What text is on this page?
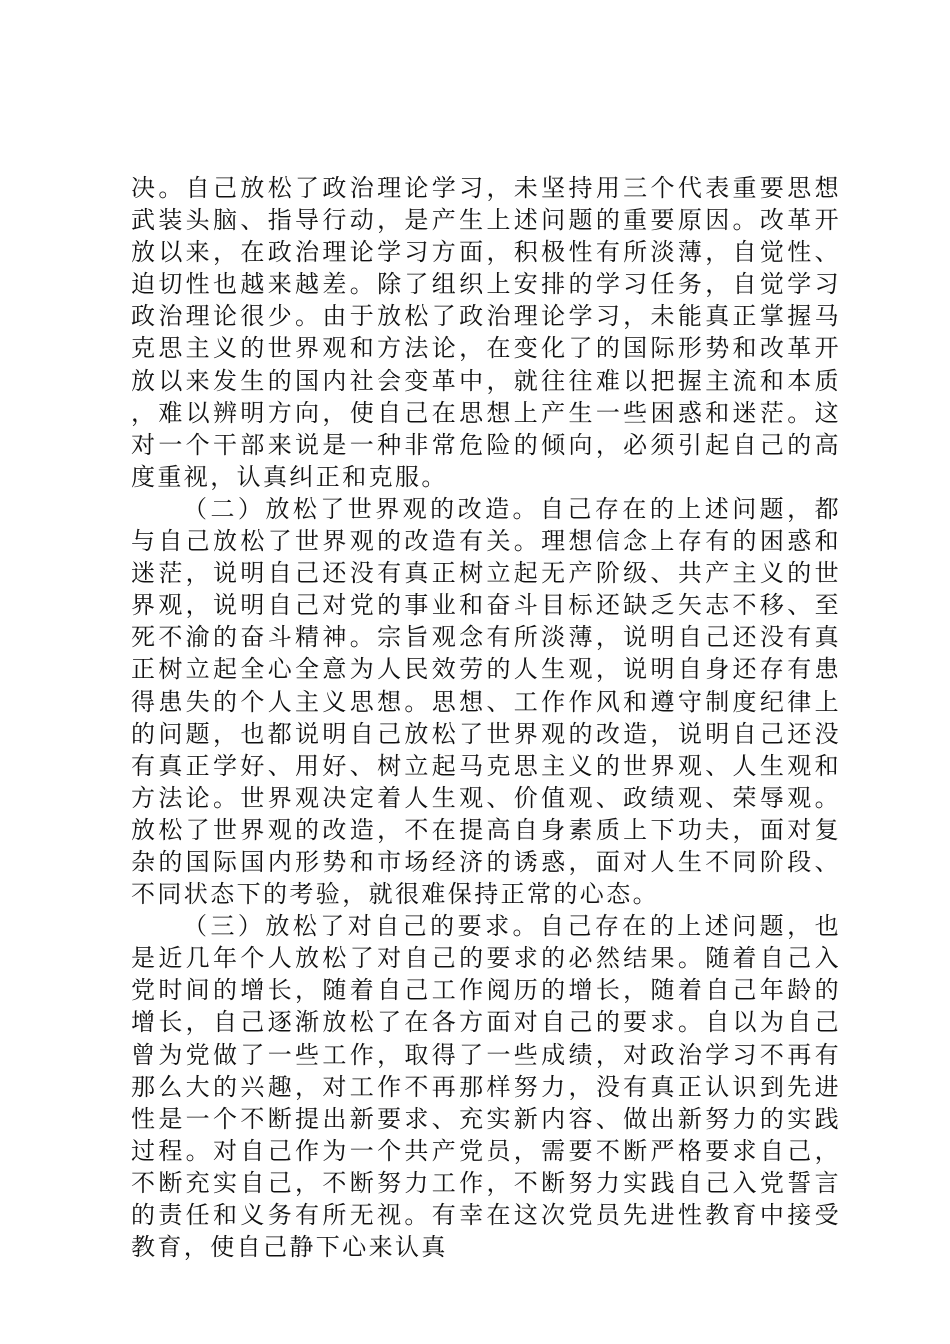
决。自己放松了政治理论学习，未坚持用三个代表重要思想武装头脑、指导行动，是产生上述问题的重要原因。改革开放以来，在政治理论学习方面，积极性有所淡薄，自觉性、迫切性也越来越差。除了组织上安排的学习任务，自觉学习政治理论很少。由于放松了政治理论学习，未能真正掌握马克思主义的世界观和方法论，在变化了的国际形势和改革开放以来发生的国内社会变革中，就往往难以把握主流和本质，难以辨明方向，使自己在思想上产生一些困惑和迷茫。这对一个干部来说是一种非常危险的倾向，必须引起自己的高度重视，认真纠正和克服。

（二）放松了世界观的改造。自己存在的上述问题，都与自己放松了世界观的改造有关。理想信念上存有的困惑和迷茫，说明自己还没有真正树立起无产阶级、共产主义的世界观，说明自己对党的事业和奋斗目标还缺乏矢志不移、至死不渝的奋斗精神。宗旨观念有所淡薄，说明自己还没有真正树立起全心全意为人民效劳的人生观，说明自身还存有患得患失的个人主义思想。思想、工作作风和遵守制度纪律上的问题，也都说明自己放松了世界观的改造，说明自己还没有真正学好、用好、树立起马克思主义的世界观、人生观和方法论。世界观决定着人生观、价值观、政绩观、荣辱观。放松了世界观的改造，不在提高自身素质上下功夫，面对复杂的国际国内形势和市场经济的诱惑，面对人生不同阶段、不同状态下的考验，就很难保持正常的心态。

（三）放松了对自己的要求。自己存在的上述问题，也是近几年个人放松了对自己的要求的必然结果。随着自己入党时间的增长，随着自己工作阅历的增长，随着自己年龄的增长，自己逐渐放松了在各方面对自己的要求。自以为自己曾为党做了一些工作，取得了一些成绩，对政治学习不再有那么大的兴趣，对工作不再那样努力，没有真正认识到先进性是一个不断提出新要求、充实新内容、做出新努力的实践过程。对自己作为一个共产党员，需要不断严格要求自己，不断充实自己，不断努力工作，不断努力实践自己入党誓言的责任和义务有所无视。有幸在这次党员先进性教育中接受教育，使自己静下心来认真
